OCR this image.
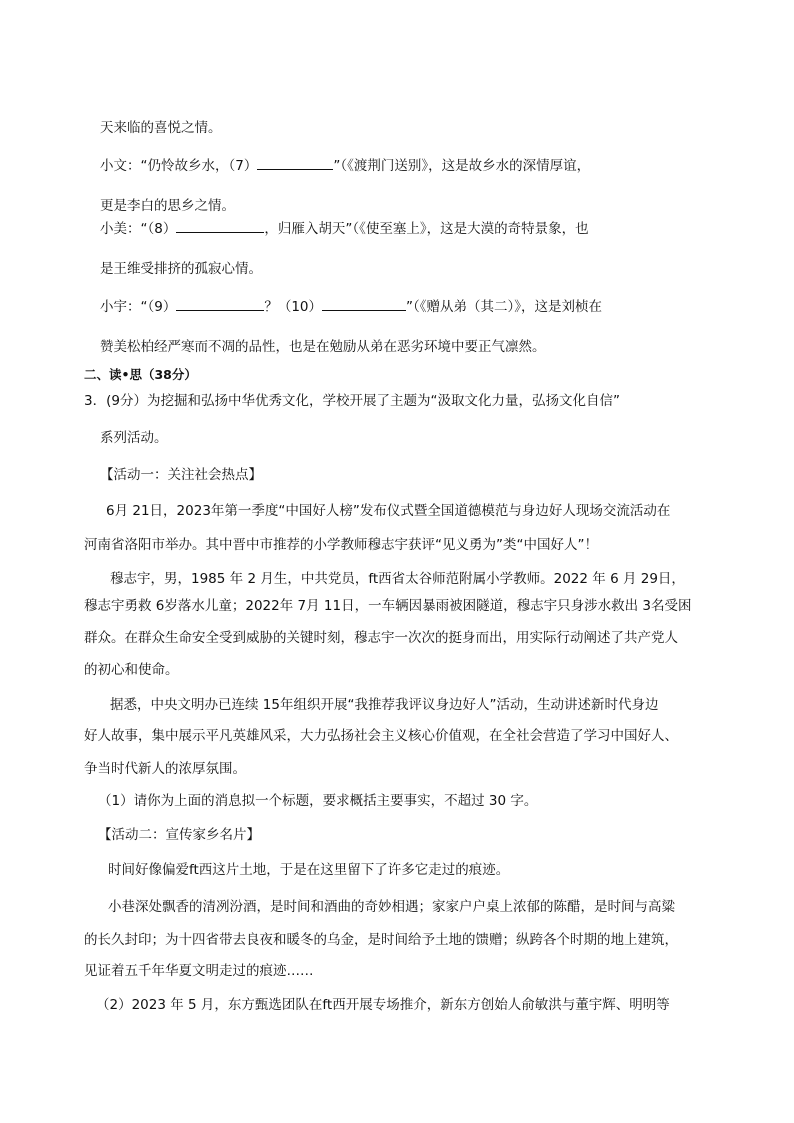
天来临的喜悦之情。
小文：“仍怜故乡水，（7）	”（《渡荆门送别》，这是故乡水的深情厚谊，
更是李白的思乡之情。
小美：“（8）	，归雁入胡天”（《使至塞上》，这是大漠的奇特景象，也
是王维受排挤的孤寂心情。
小宇：“（9）	？（10）	”（《赠从弟（其二）》，这是刘桢在
赞美松柏经严寒而不凋的品性，也是在勉励从弟在恶劣环境中要正气凛然。
二、读•思（38分）
3．(9分）为挖掘和弘扬中华优秀文化，学校开展了主题为“汲取文化力量，弘扬文化自信”
系列活动。
【活动一：关注社会热点】
6月 21日，2023年第一季度“中国好人榜”发布仪式暨全国道德模范与身边好人现场交流活动在
河南省洛阳市举办。其中晋中市推荐的小学教师穆志宇获评“见义勇为”类“中国好人”！
穆志宇，男，1985 年 2 月生，中共党员，ft西省太谷师范附属小学教师。2022 年 6 月 29日，
穆志宇勇救 6岁落水儿童；2022年 7月 11日，一车辆因暴雨被困隧道，穆志宇只身涉水救出 3名受困
群众。在群众生命安全受到威胁的关键时刻，穆志宇一次次的挺身而出，用实际行动阐述了共产党人
的初心和使命。
据悉，中央文明办已连续 15年组织开展“我推荐我评议身边好人”活动，生动讲述新时代身边
好人故事，集中展示平凡英雄风采，大力弘扬社会主义核心价值观，在全社会营造了学习中国好人、
争当时代新人的浓厚氛围。
（1）请你为上面的消息拟一个标题，要求概括主要事实，不超过 30 字。
【活动二：宣传家乡名片】
时间好像偏爱ft西这片土地，于是在这里留下了许多它走过的痕迹。
小巷深处飘香的清冽汾酒，是时间和酒曲的奇妙相遇；家家户户桌上浓郁的陈醋，是时间与高粱
的长久封印；为十四省带去良夜和暖冬的乌金，是时间给予土地的馈赠；纵跨各个时期的地上建筑，
见证着五千年华夏文明走过的痕迹……
（2）2023 年 5 月，东方甄选团队在ft西开展专场推介，新东方创始人俞敏洪与董宇辉、明明等
